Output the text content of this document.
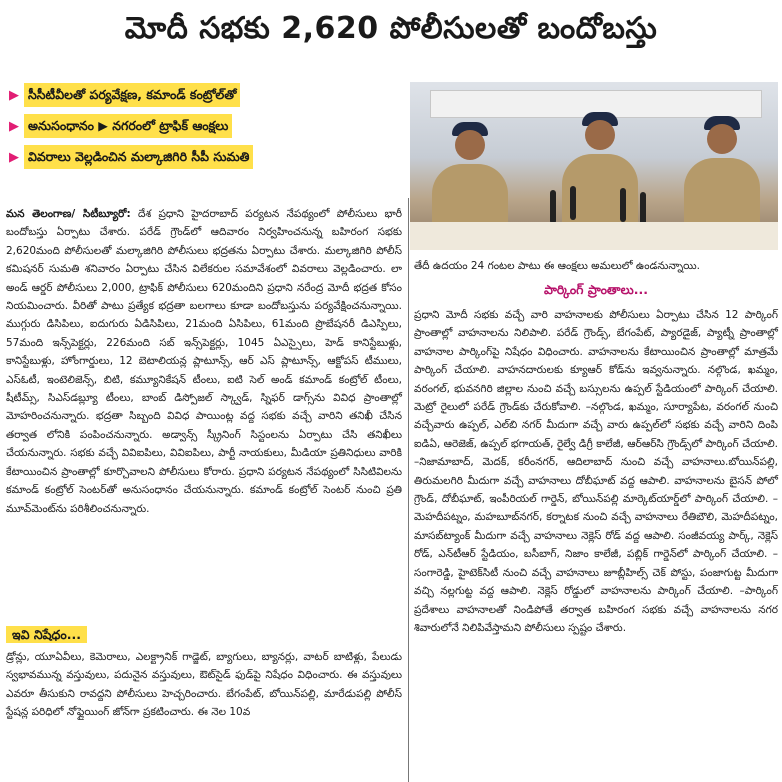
మోదీ సభకు 2,620 పోలీసులతో బందోబస్తు
▶ సీసీటీవీలతో పర్యవేక్షణ, కమాండ్ కంట్రోల్‌తో
▶ అనుసంధానం ▶ నగరంలో ట్రాఫిక్ ఆంక్షలు
▶ వివరాలు వెల్లడించిన మల్కాజిగిరి సీపీ సుమతి
తేదీ ఉదయం 24 గంటల పాటు ఈ ఆంక్షలు అమలులో ఉండనున్నాయి.
పార్కింగ్ ప్రాంతాలు...

మన తెలంగాణ/ సిటీబ్యూరో: దేశ ప్రధాని హైదరాబాద్ పర్యటన నేపథ్యంలో పోలీసులు భారీ బందోబస్తు ఏర్పాటు చేశారు. పరేడ్ గ్రౌండ్‌లో ఆదివారం నిర్వహించనున్న బహిరంగ సభకు 2,620మంది పోలీసులతో మల్కాజిగిరి పోలీసులు భద్రతను ఏర్పాటు చేశారు. మల్కాజిగిరి పోలీస్ కమిషనర్ సుమతి శనివారం ఏర్పాటు చేసిన విలేకరుల సమావేశంలో వివరాలు వెల్లడించారు. లా అండ్ ఆర్డర్ పోలీసులు 2,000, ట్రాఫిక్ పోలీసులు 620మందిని ప్రధాని నరేంద్ర మోదీ భద్రత కోసం నియమించారు. వీరితో పాటు ప్రత్యేక భద్రతా బలగాలు కూడా బందోబస్తును పర్యవేక్షించనున్నాయి. ముగ్గురు డిసిపిలు, ఐదుగురు ఏడిసిపిలు, 21మంది ఏసిపిలు, 61మంది ప్రొబేషనరీ డిఎస్పిలు, 57మంది ఇన్స్‌పెక్టర్లు, 226మంది సబ్ ఇన్స్‌పెక్టర్లు, 1045 ఏఎస్సైలు, హెడ్ కానిస్టేబుళ్లు, కానిస్టేబుళ్లు, హోంగార్డులు, 12 బెటాలియన్ల ప్లాటూన్స్, ఆర్ ఎస్ ప్లాటూన్స్, ఆక్టోపస్ టీములు, ఎస్ఓటీ, ఇంటెలిజెన్స్, బిటి, కమ్యూనికేషన్ టీంలు, ఐటి సెల్ అండ్ కమాండ్ కంట్రోల్ టీంలు, షీటీమ్స్, సిఎస్‌డబ్ల్యూ టీంలు, బాంబ్ డిస్పోజల్ స్క్వాడ్, స్నిఫర్ డాగ్స్‌ను వివిధ ప్రాంతాల్లో మోహరించనున్నారు. భద్రతా సిబ్బంది వివిధ పాయింట్ల వద్ద సభకు వచ్చే వారిని తనిఖీ చేసిన తర్వాత లోనికి పంపించనున్నారు. అడ్వాన్స్ స్క్రీనింగ్ సిస్టంలను ఏర్పాటు చేసి తనిఖీలు చేయనున్నారు. సభకు వచ్చే వివిఐపిలు, వివిఐపిలు, పార్టీ నాయకులు, మీడియా ప్రతినిధులు వారికి కేటాయించిన ప్రాంతాల్లో కూర్చొవాలని పోలీసులు కోరారు. ప్రధాని పర్యటన నేపథ్యంలో సిసిటివిలను కమాండ్ కంట్రోల్ సెంటర్‌తో అనుసంధానం చేయనున్నారు. కమాండ్ కంట్రోల్ సెంటర్ నుంచి ప్రతి మూవ్‌మెంట్‌ను పరిశీలించనున్నారు.

ఇవి నిషేధం...

డ్రోన్లు, యూఏవీలు, కెమెరాలు, ఎలక్ట్రానిక్ గాడ్జెట్, బ్యాగులు, బ్యానర్లు, వాటర్ బాటిళ్లు, పేలుడు స్వభావమున్న వస్తువులు, పదునైన వస్తువులు, ఔట్‌సైడ్ ఫుడ్‌పై నిషేధం విధించారు. ఈ వస్తువులు ఎవరూ తీసుకుని రావద్దని పోలీసులు హెచ్చరించారు. బేగంపేట్, బోయిన్‌పల్లి, మారేడుపల్లి పోలీస్ స్టేషన్ల పరిధిలో నోఫ్లైయింగ్ జోన్‌గా ప్రకటించారు. ఈ నెల 10వ

ప్రధాని మోదీ సభకు వచ్చే వారి వాహనాలకు పోలీసులు ఏర్పాటు చేసిన 12 పార్కింగ్ ప్రాంతాల్లో వాహనాలను నిలిపాలి. పరేడ్ గ్రౌండ్స్, బేగంపేట్, ప్యారడైజ్, ప్యాట్నీ ప్రాంతాల్లో వాహనాల పార్కింగ్‌పై నిషేధం విధించారు. వాహనాలను కేటాయించిన ప్రాంతాల్లో మాత్రమే పార్కింగ్ చేయాలి. వాహనదారులకు క్యూఆర్ కోడ్‌ను ఇవ్వనున్నారు. నల్గొండ, ఖమ్మం, వరంగల్, భువనగిరి జిల్లాల నుంచి వచ్చే బస్సులను ఉప్పల్ స్టేడియంలో పార్కింగ్ చేయాలి. మెట్రో రైలులో పరేడ్ గ్రౌండ్‌కు చేరుకోవాలి. –నల్గొండ, ఖమ్మం, సూర్యాపేట, వరంగల్ నుంచి వచ్చేవారు ఉప్పల్, ఎల్‌బి నగర్ మీదుగా వచ్చే వారు ఉప్పల్‌లో సభకు వచ్చే వారిని దింపి ఐడిఏ, ఆరెజెజ్, ఉప్పల్ భగాయత్, రైల్వే డిగ్రీ కాలేజీ, ఆర్‌ఆర్‌సి గ్రౌండ్స్‌లో పార్కింగ్ చేయాలి. –నిజామాబాద్, మెదక్, కరీంనగర్, ఆదిలాబాద్ నుంచి వచ్చే వాహనాలు.బోయిన్‌పల్లి, తిరుమలగిరి మీదుగా వచ్చే వాహనాలు దోబీఘాట్ వద్ద ఆపాలి. వాహనాలను బైసన్ పోలో గ్రౌండ్, దోబీఘాట్, ఇంపీరియల్ గార్డెన్, బోయిన్‌పల్లి మార్కెట్‌యార్డ్‌లో పార్కింగ్ చేయాలి. –మెహదీపట్నం, మహబూబ్‌నగర్, కర్నాటక నుంచి వచ్చే వాహనాలు రేతిబౌలి, మెహదీపట్నం, మాసబ్‌ట్యాంక్ మీదుగా వచ్చే వాహనాలు నెక్లెస్ రోడ్ వద్ద ఆపాలి. సంజీవయ్య పార్క్, నెక్లెస్ రోడ్, ఎన్‌టీఆర్ స్టేడియం, బసీబాగ్, నిజాం కాలేజీ, పబ్లిక్ గార్డెన్‌లో పార్కింగ్ చేయాలి. –సంగారెడ్డి, హైటెక్‌సిటీ నుంచి వచ్చే వాహనాలు జూబ్లీహిల్స్ చెక్ పోస్టు, పంజాగుట్ట మీదుగా వచ్చి నల్లగుట్ట వద్ద ఆపాలి. నెక్లెస్ రోడ్డులో వాహనాలను పార్కింగ్ చేయాలి. –పార్కింగ్ ప్రదేశాలు వాహనాలతో నిండిపోతే తర్వాత బహిరంగ సభకు వచ్చే వాహనాలను నగర శివారులోనే నిలిపివేస్తామని పోలీసులు స్పష్టం చేశారు.
